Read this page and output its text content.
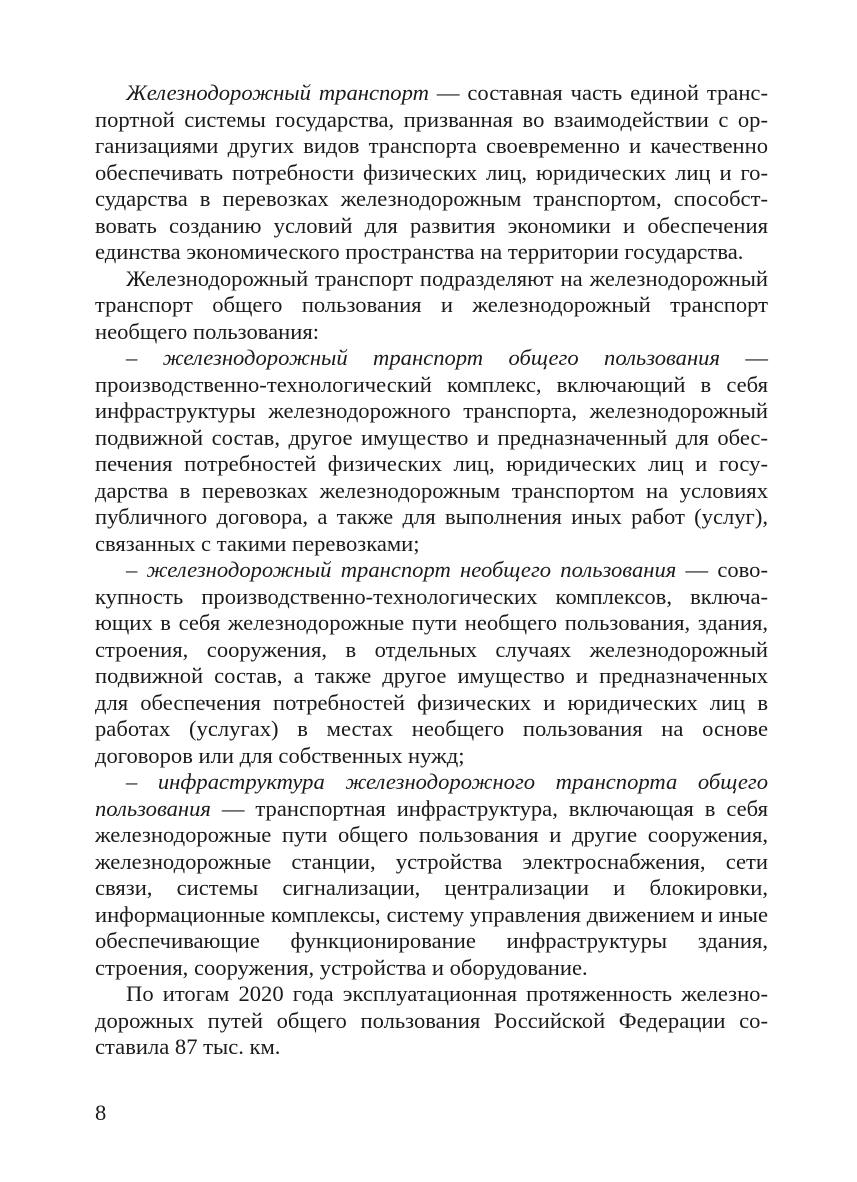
Железнодорожный транспорт — составная часть единой транспортной системы государства, призванная во взаимодействии с организациями других видов транспорта своевременно и качественно обеспечивать потребности физических лиц, юридических лиц и государства в перевозках железнодорожным транспортом, способствовать созданию условий для развития экономики и обеспечения единства экономического пространства на территории государства.

Железнодорожный транспорт подразделяют на железнодорожный транспорт общего пользования и железнодорожный транспорт необщего пользования:

– железнодорожный транспорт общего пользования — производственно-технологический комплекс, включающий в себя инфраструктуры железнодорожного транспорта, железнодорожный подвижной состав, другое имущество и предназначенный для обеспечения потребностей физических лиц, юридических лиц и государства в перевозках железнодорожным транспортом на условиях публичного договора, а также для выполнения иных работ (услуг), связанных с такими перевозками;

– железнодорожный транспорт необщего пользования — совокупность производственно-технологических комплексов, включающих в себя железнодорожные пути необщего пользования, здания, строения, сооружения, в отдельных случаях железнодорожный подвижной состав, а также другое имущество и предназначенных для обеспечения потребностей физических и юридических лиц в работах (услугах) в местах необщего пользования на основе договоров или для собственных нужд;

– инфраструктура железнодорожного транспорта общего пользования — транспортная инфраструктура, включающая в себя железнодорожные пути общего пользования и другие сооружения, железнодорожные станции, устройства электроснабжения, сети связи, системы сигнализации, централизации и блокировки, информационные комплексы, систему управления движением и иные обеспечивающие функционирование инфраструктуры здания, строения, сооружения, устройства и оборудование.

По итогам 2020 года эксплуатационная протяженность железнодорожных путей общего пользования Российской Федерации составила 87 тыс. км.

8
